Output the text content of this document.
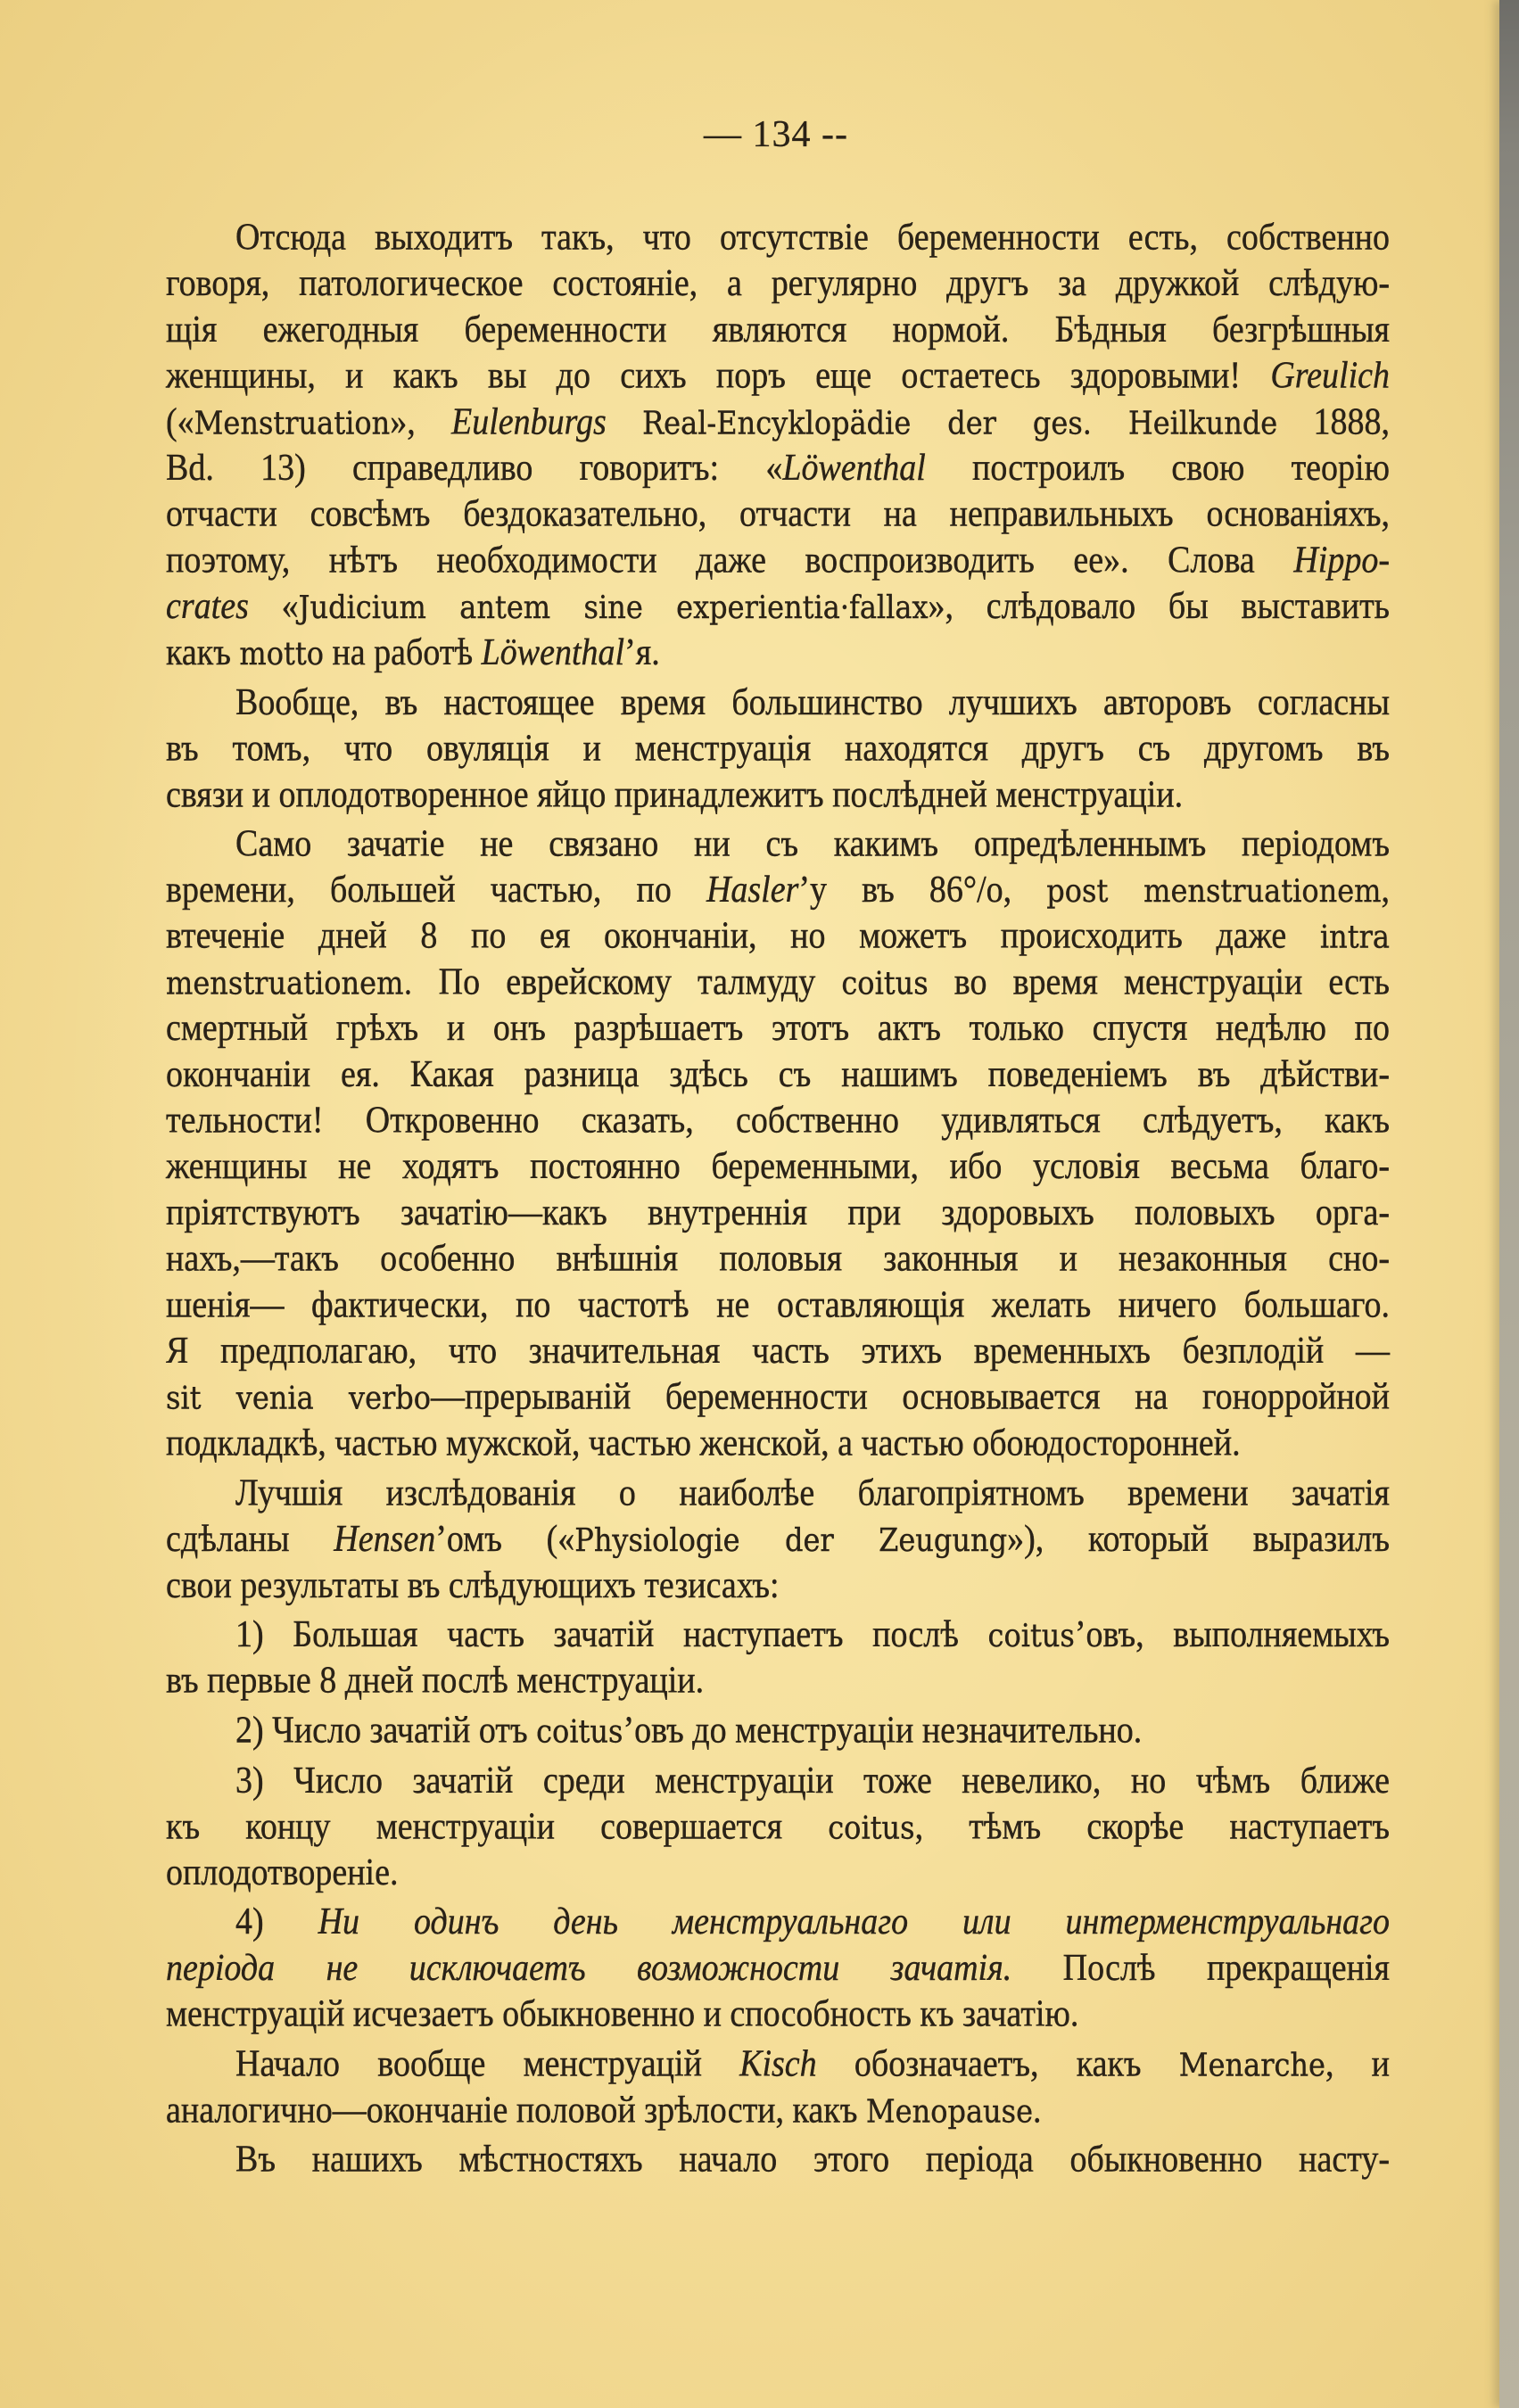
— 134 --
Отсюда выходитъ такъ, что отсутствіе беременности есть, собственно
говоря, патологическое состояніе, а регулярно другъ за дружкой слѣдую-
щія ежегодныя беременности являются нормой. Бѣдныя безгрѣшныя
женщины, и какъ вы до сихъ поръ еще остаетесь здоровыми! Greulich
(«Menstruation», Eulenburgs Real-Encyklopädie der ges. Heilkunde 1888,
Bd. 13) справедливо говоритъ: «Löwenthal построилъ свою теорію
отчасти совсѣмъ бездоказательно, отчасти на неправильныхъ основаніяхъ,
поэтому, нѣтъ необходимости даже воспроизводить ее». Слова Hippo-
crates «Judicium antem sine experientia·fallax», слѣдовало бы выставить
какъ motto на работѣ Löwenthal’я.
Вообще, въ настоящее время большинство лучшихъ авторовъ согласны
въ томъ, что овуляція и менструація находятся другъ съ другомъ въ
связи и оплодотворенное яйцо принадлежитъ послѣдней менструаціи.
Само зачатіе не связано ни съ какимъ опредѣленнымъ періодомъ
времени, большей частью, по Hasler’у въ 86°/o, post menstruationem,
втеченіе дней 8 по ея окончаніи, но можетъ происходить даже intra
menstruationem. По еврейскому талмуду coitus во время менструаціи есть
смертный грѣхъ и онъ разрѣшаетъ этотъ актъ только спустя недѣлю по
окончаніи ея. Какая разница здѣсь съ нашимъ поведеніемъ въ дѣйстви-
тельности! Откровенно сказать, собственно удивляться слѣдуетъ, какъ
женщины не ходятъ постоянно беременными, ибо условія весьма благо-
пріятствуютъ зачатію—какъ внутреннія при здоровыхъ половыхъ орга-
нахъ,—такъ особенно внѣшнія половыя законныя и незаконныя сно-
шенія— фактически, по частотѣ не оставляющія желать ничего большаго.
Я предполагаю, что значительная часть этихъ временныхъ безплодій —
sit venia verbo—прерываній беременности основывается на гонорройной
подкладкѣ, частью мужской, частью женской, а частью обоюдосторонней.
Лучшія изслѣдованія о наиболѣе благопріятномъ времени зачатія
сдѣланы Hensen’омъ («Physiologie der Zeugung»), который выразилъ
свои результаты въ слѣдующихъ тезисахъ:
1) Большая часть зачатій наступаетъ послѣ coitus’овъ, выполняемыхъ
въ первые 8 дней послѣ менструаціи.
2) Число зачатій отъ coitus’овъ до менструаціи незначительно.
3) Число зачатій среди менструаціи тоже невелико, но чѣмъ ближе
къ концу менструаціи совершается coitus, тѣмъ скорѣе наступаетъ
оплодотвореніе.
4) Ни одинъ день менструальнаго или интерменструальнаго
періода не исключаетъ возможности зачатія. Послѣ прекращенія
менструацій исчезаетъ обыкновенно и способность къ зачатію.
Начало вообще менструацій Kisch обозначаетъ, какъ Menarche, и
аналогично—окончаніе половой зрѣлости, какъ Menopause.
Въ нашихъ мѣстностяхъ начало этого періода обыкновенно насту-
